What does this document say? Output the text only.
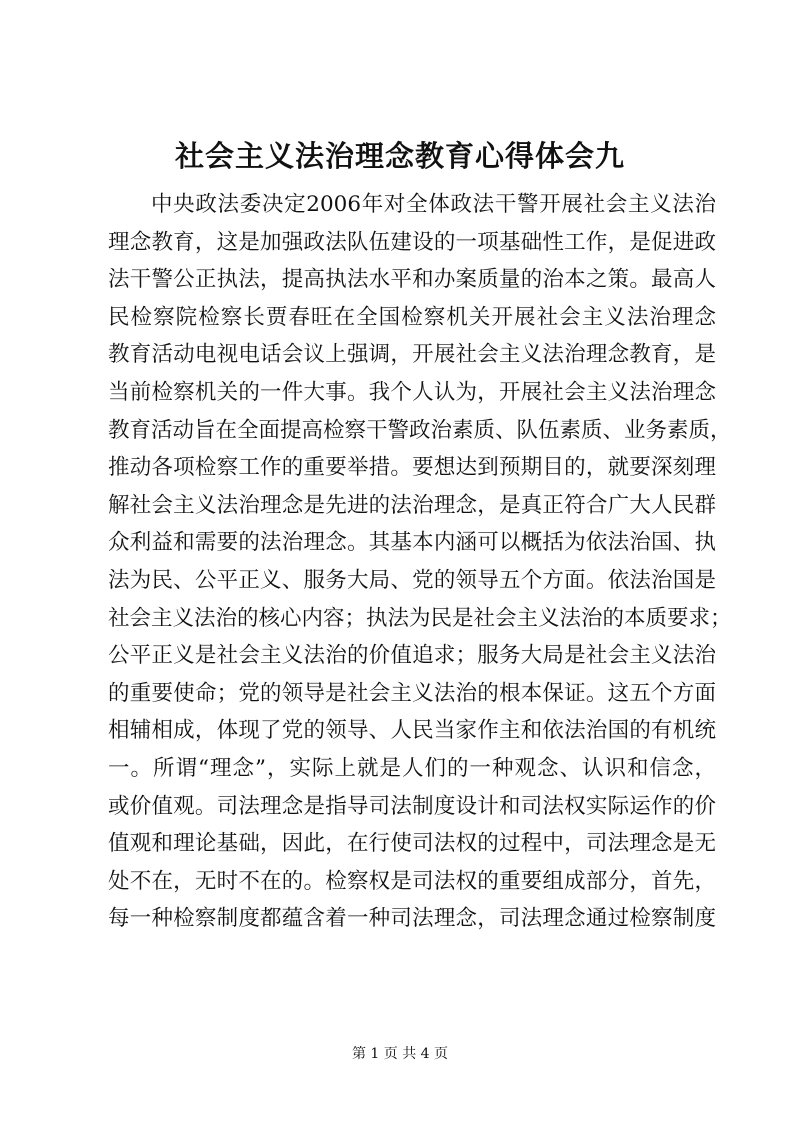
社会主义法治理念教育心得体会九
中央政法委决定2006年对全体政法干警开展社会主义法治
理念教育，这是加强政法队伍建设的一项基础性工作，是促进政
法干警公正执法，提高执法水平和办案质量的治本之策。最高人
民检察院检察长贾春旺在全国检察机关开展社会主义法治理念
教育活动电视电话会议上强调，开展社会主义法治理念教育，是
当前检察机关的一件大事。我个人认为，开展社会主义法治理念
教育活动旨在全面提高检察干警政治素质、队伍素质、业务素质，
推动各项检察工作的重要举措。要想达到预期目的，就要深刻理
解社会主义法治理念是先进的法治理念，是真正符合广大人民群
众利益和需要的法治理念。其基本内涵可以概括为依法治国、执
法为民、公平正义、服务大局、党的领导五个方面。依法治国是
社会主义法治的核心内容；执法为民是社会主义法治的本质要求；
公平正义是社会主义法治的价值追求；服务大局是社会主义法治
的重要使命；党的领导是社会主义法治的根本保证。这五个方面
相辅相成，体现了党的领导、人民当家作主和依法治国的有机统
一。所谓“理念”，实际上就是人们的一种观念、认识和信念，
或价值观。司法理念是指导司法制度设计和司法权实际运作的价
值观和理论基础，因此，在行使司法权的过程中，司法理念是无
处不在，无时不在的。检察权是司法权的重要组成部分，首先，
每一种检察制度都蕴含着一种司法理念，司法理念通过检察制度
第 1 页 共 4 页
